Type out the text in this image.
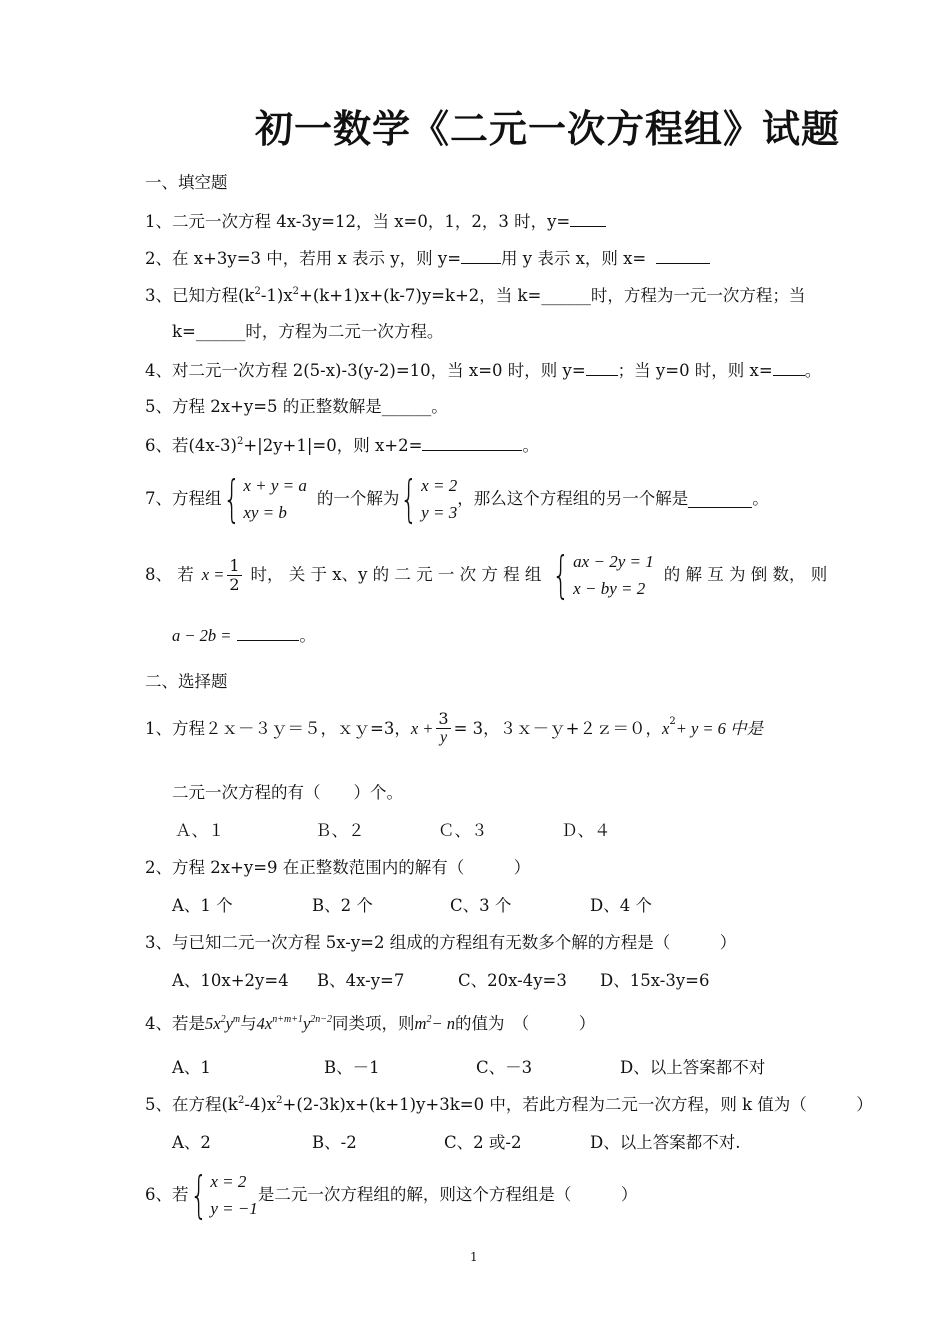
初一数学《二元一次方程组》试题
一、填空题
1、二元一次方程 4x-3y=12，当 x=0，1，2，3 时，y=
2、在 x+3y=3 中，若用 x 表示 y，则 y= 用 y 表示 x，则 x=
3、已知方程$(k^2-1)x^2+(k+1)x+(k-7)y=k+2$，当 k=______时，方程为一元一次方程；当
k=______时，方程为二元一次方程。
4、对二元一次方程 2(5-x)-3(y-2)=10，当 x=0 时，则 y= ；当 y=0 时，则 x= 。
5、方程 2x+y=5 的正整数解是______。
6、若$(4x-3)^2+|2y+1|=0$，则 x+2=	。
7、方程组 { x + y = a
xy = b
的一个解为 { x = 2
y = 3
，那么这个方程组的另一个解是	。
8、 若 $x = \frac{1}{2}$ 时， 关 于 x、y 的 二 元 一 次 方 程 组 { ax − 2y = 1
x − by = 2
的 解 互 为 倒 数， 则
a − 2b =	。
二、选择题
1、方程２ｘ－３ｙ＝５，ｘｙ=3， $x + \frac{3}{y} = 3$，３ｘ－ｙ+２ｚ＝０， x 2 + y = 6 中是
二元一次方程的有（　　）个。
Ａ、１	Ｂ、２	Ｃ、３	Ｄ、４
2、方程 2x+y=9 在正整数范围内的解有（　　　）
A、1 个	B、2 个	C、3 个	D、4 个
3、与已知二元一次方程 5x-y=2 组成的方程组有无数多个解的方程是（　　　）
A、10x+2y=4 B、4x-y=7	C、20x-4y=3 D、15x-3y=6
4、若是$5x^2y^m$与$4x^{n+m+1}y^{2n-2}$同类项，则$m^2- n$的值为　（　　　）
A、1	B、－1	C、－3	D、以上答案都不对
5、在方程$(k^2-4)x^2+(2-3k)x+(k+1)y+3k=0$ 中，若此方程为二元一次方程，则 k 值为（　　　）
A、2	B、-2	C、2 或-2	D、以上答案都不对.
6、若 { x = 2
y = −1
是二元一次方程组的解，则这个方程组是（　　　）
1
